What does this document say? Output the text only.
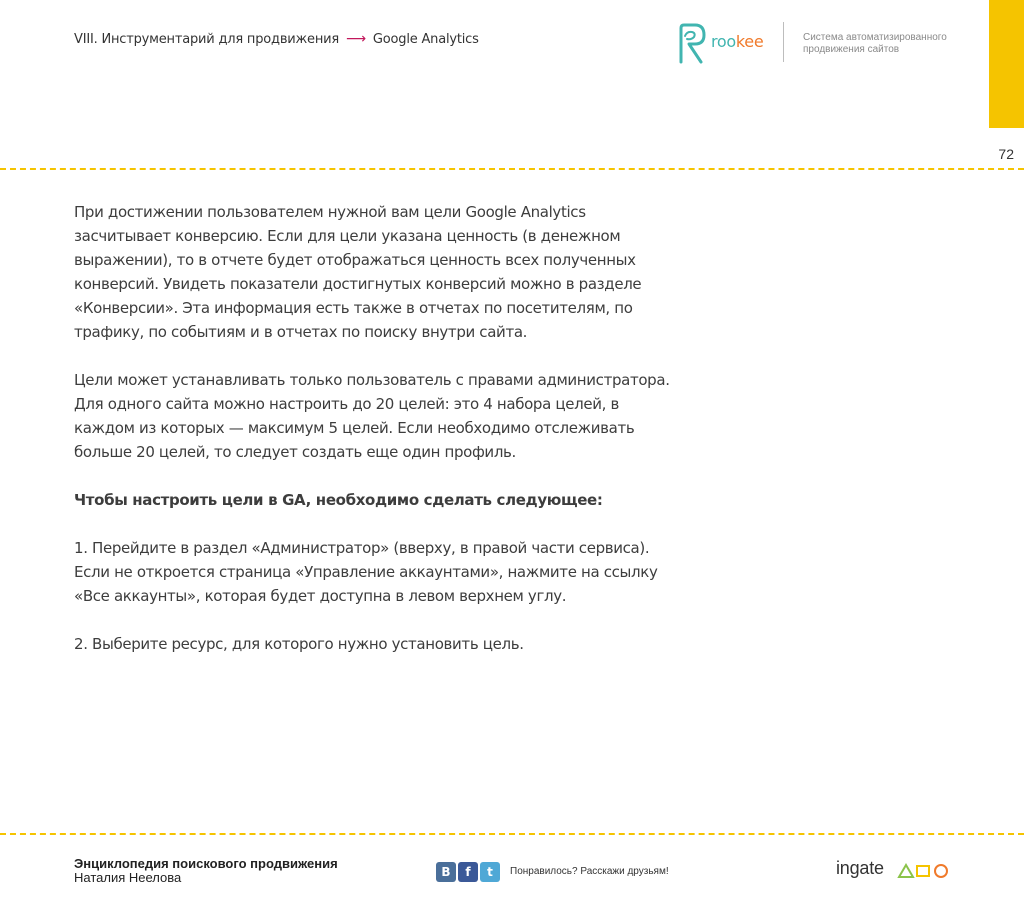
VIII. Инструментарий для продвижения ⟶ Google Analytics	rookee	Система автоматизированного продвижения сайтов
72

При достижении пользователем нужной вам цели Google Analytics засчитывает конверсию. Если для цели указана ценность (в денежном выражении), то в отчете будет отображаться ценность всех полученных конверсий. Увидеть показатели достигнутых конверсий можно в разделе «Конверсии». Эта информация есть также в отчетах по посетителям, по трафику, по событиям и в отчетах по поиску внутри сайта.

Цели может устанавливать только пользователь с правами администратора. Для одного сайта можно настроить до 20 целей: это 4 набора целей, в каждом из которых — максимум 5 целей. Если необходимо отслеживать больше 20 целей, то следует создать еще один профиль.

Чтобы настроить цели в GA, необходимо сделать следующее:

1. Перейдите в раздел «Администратор» (вверху, в правой части сервиса). Если не откроется страница «Управление аккаунтами», нажмите на ссылку «Все аккаунты», которая будет доступна в левом верхнем углу.

2. Выберите ресурс, для которого нужно установить цель.

Энциклопедия поискового продвижения
Наталия Неелова	B	f	t	Понравилось? Расскажи друзьям!	ingate
